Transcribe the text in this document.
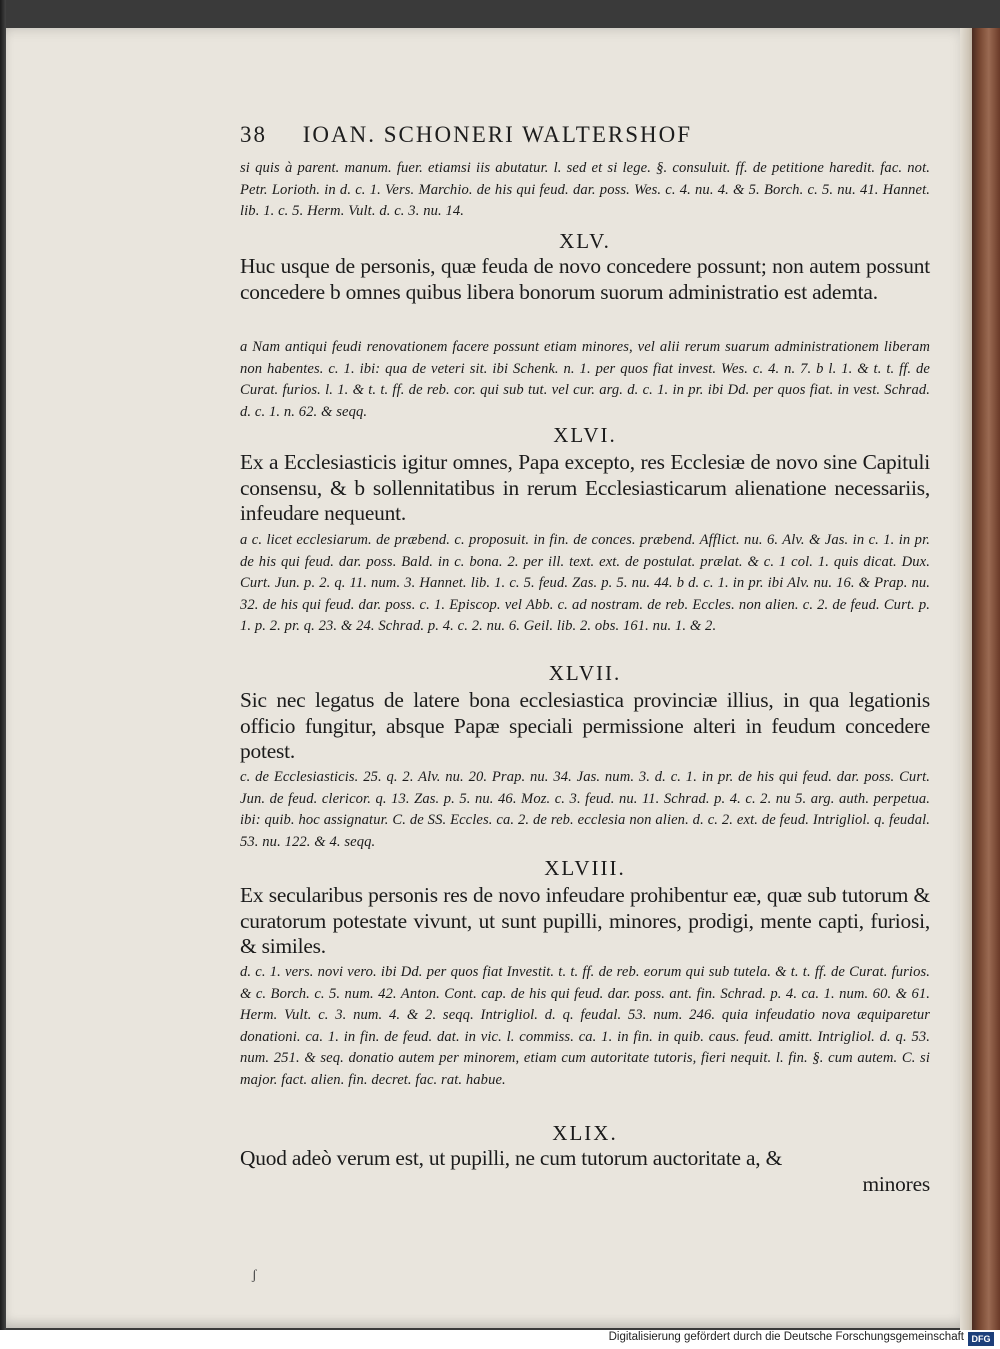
38 IOAN. SCHONERI WALTERSHOF

si quis à parent. manum. fuer. etiamsi iis abutatur. l. sed et si lege. §. consuluit. ff. de petitione haredit. fac. not. Petr. Lorioth. in d. c. 1. Vers. Marchio. de his qui feud. dar. poss. Wes. c. 4. nu. 4. & 5. Borch. c. 5. nu. 41. Hannet. lib. 1. c. 5. Herm. Vult. d. c. 3. nu. 14.

XLV.

Huc usque de personis, quæ feuda de novo concedere possunt; non autem possunt concedere b omnes quibus libera bonorum suorum administratio est ademta.

a Nam antiqui feudi renovationem facere possunt etiam minores, vel alii rerum suarum administrationem liberam non habentes. c. 1. ibi: qua de veteri sit. ibi Schenk. n. 1. per quos fiat invest. Wes. c. 4. n. 7. b l. 1. & t. t. ff. de Curat. furios. l. 1. & t. t. ff. de reb. cor. qui sub tut. vel cur. arg. d. c. 1. in pr. ibi Dd. per quos fiat. in vest. Schrad. d. c. 1. n. 62. & seqq.

XLVI.

Ex a Ecclesiasticis igitur omnes, Papa excepto, res Ecclesiæ de novo sine Capituli consensu, & b sollennitatibus in rerum Ecclesiasticarum alienatione necessariis, infeudare nequeunt.

a c. licet ecclesiarum. de præbend. c. proposuit. in fin. de conces. præbend. Afflict. nu. 6. Alv. & Jas. in c. 1. in pr. de his qui feud. dar. poss. Bald. in c. bona. 2. per ill. text. ext. de postulat. prælat. & c. 1 col. 1. quis dicat. Dux. Curt. Jun. p. 2. q. 11. num. 3. Hannet. lib. 1. c. 5. feud. Zas. p. 5. nu. 44. b d. c. 1. in pr. ibi Alv. nu. 16. & Prap. nu. 32. de his qui feud. dar. poss. c. 1. Episcop. vel Abb. c. ad nostram. de reb. Eccles. non alien. c. 2. de feud. Curt. p. 1. p. 2. pr. q. 23. & 24. Schrad. p. 4. c. 2. nu. 6. Geil. lib. 2. obs. 161. nu. 1. & 2.

XLVII.

Sic nec legatus de latere bona ecclesiastica provinciæ illius, in qua legationis officio fungitur, absque Papæ speciali permissione alteri in feudum concedere potest.

c. de Ecclesiasticis. 25. q. 2. Alv. nu. 20. Prap. nu. 34. Jas. num. 3. d. c. 1. in pr. de his qui feud. dar. poss. Curt. Jun. de feud. clericor. q. 13. Zas. p. 5. nu. 46. Moz. c. 3. feud. nu. 11. Schrad. p. 4. c. 2. nu 5. arg. auth. perpetua. ibi: quib. hoc assignatur. C. de SS. Eccles. ca. 2. de reb. ecclesia non alien. d. c. 2. ext. de feud. Intrigliol. q. feudal. 53. nu. 122. & 4. seqq.

XLVIII.

Ex secularibus personis res de novo infeudare prohibentur eæ, quæ sub tutorum & curatorum potestate vivunt, ut sunt pupilli, minores, prodigi, mente capti, furiosi, & similes.

d. c. 1. vers. novi vero. ibi Dd. per quos fiat Investit. t. t. ff. de reb. eorum qui sub tutela. & t. t. ff. de Curat. furios. & c. Borch. c. 5. num. 42. Anton. Cont. cap. de his qui feud. dar. poss. ant. fin. Schrad. p. 4. ca. 1. num. 60. & 61. Herm. Vult. c. 3. num. 4. & 2. seqq. Intrigliol. d. q. feudal. 53. num. 246. quia infeudatio nova æquiparetur donationi. ca. 1. in fin. de feud. dat. in vic. l. commiss. ca. 1. in fin. in quib. caus. feud. amitt. Intrigliol. d. q. 53. num. 251. & seq. donatio autem per minorem, etiam cum autoritate tutoris, fieri nequit. l. fin. §. cum autem. C. si major. fact. alien. fin. decret. fac. rat. habue.

XLIX.

Quod adeò verum est, ut pupilli, ne cum tutorum auctoritate a, &

minores

ʃ
Digitalisierung gefördert durch die Deutsche Forschungsgemeinschaft DFG
